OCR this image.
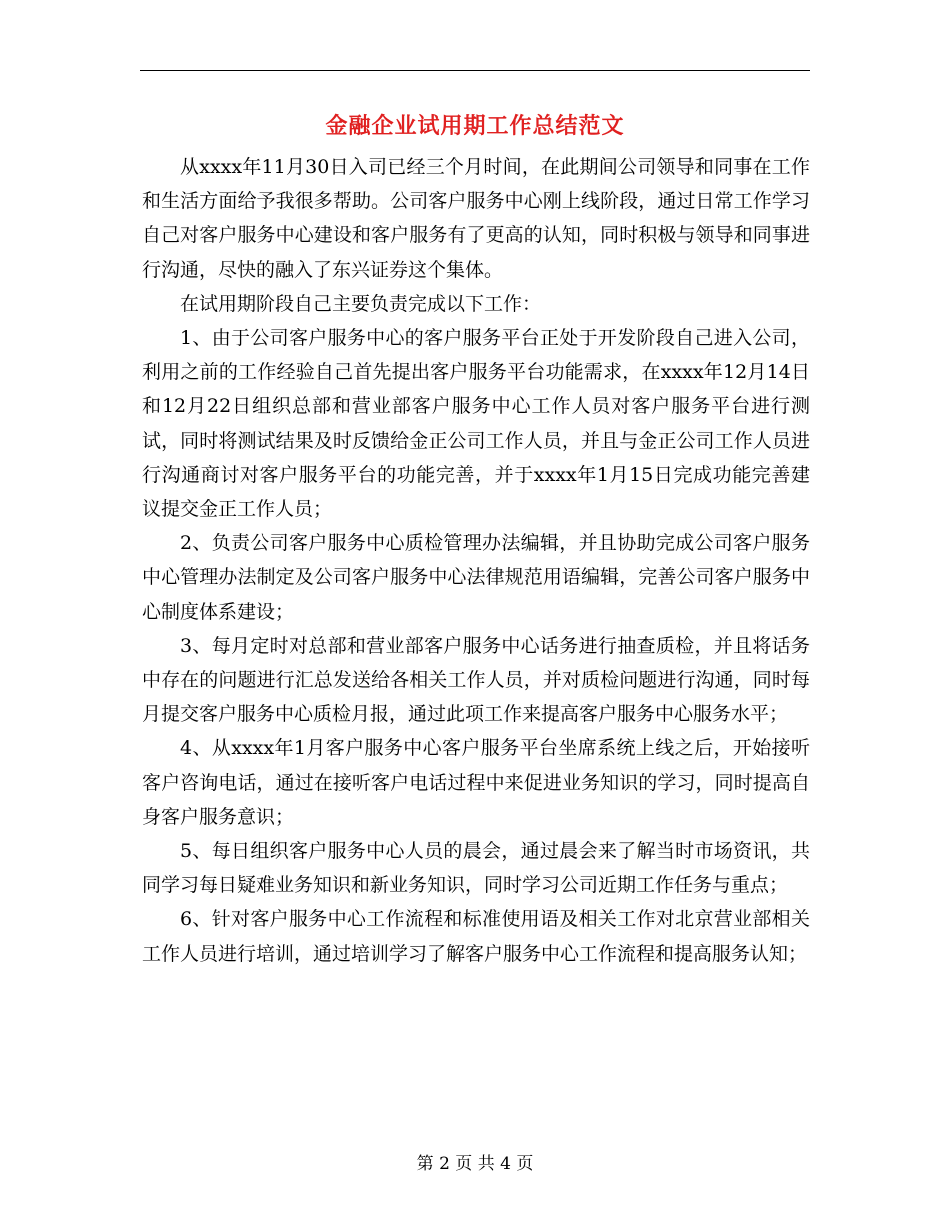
金融企业试用期工作总结范文

从xxxx年11月30日入司已经三个月时间，在此期间公司领导和同事在工作和生活方面给予我很多帮助。公司客户服务中心刚上线阶段，通过日常工作学习自己对客户服务中心建设和客户服务有了更高的认知，同时积极与领导和同事进行沟通，尽快的融入了东兴证券这个集体。

在试用期阶段自己主要负责完成以下工作：

1、由于公司客户服务中心的客户服务平台正处于开发阶段自己进入公司，利用之前的工作经验自己首先提出客户服务平台功能需求，在xxxx年12月14日和12月22日组织总部和营业部客户服务中心工作人员对客户服务平台进行测试，同时将测试结果及时反馈给金正公司工作人员，并且与金正公司工作人员进行沟通商讨对客户服务平台的功能完善，并于xxxx年1月15日完成功能完善建议提交金正工作人员；

2、负责公司客户服务中心质检管理办法编辑，并且协助完成公司客户服务中心管理办法制定及公司客户服务中心法律规范用语编辑，完善公司客户服务中心制度体系建设；

3、每月定时对总部和营业部客户服务中心话务进行抽查质检，并且将话务中存在的问题进行汇总发送给各相关工作人员，并对质检问题进行沟通，同时每月提交客户服务中心质检月报，通过此项工作来提高客户服务中心服务水平；

4、从xxxx年1月客户服务中心客户服务平台坐席系统上线之后，开始接听客户咨询电话，通过在接听客户电话过程中来促进业务知识的学习，同时提高自身客户服务意识；

5、每日组织客户服务中心人员的晨会，通过晨会来了解当时市场资讯，共同学习每日疑难业务知识和新业务知识，同时学习公司近期工作任务与重点；

6、针对客户服务中心工作流程和标准使用语及相关工作对北京营业部相关工作人员进行培训，通过培训学习了解客户服务中心工作流程和提高服务认知；

第 2 页 共 4 页
